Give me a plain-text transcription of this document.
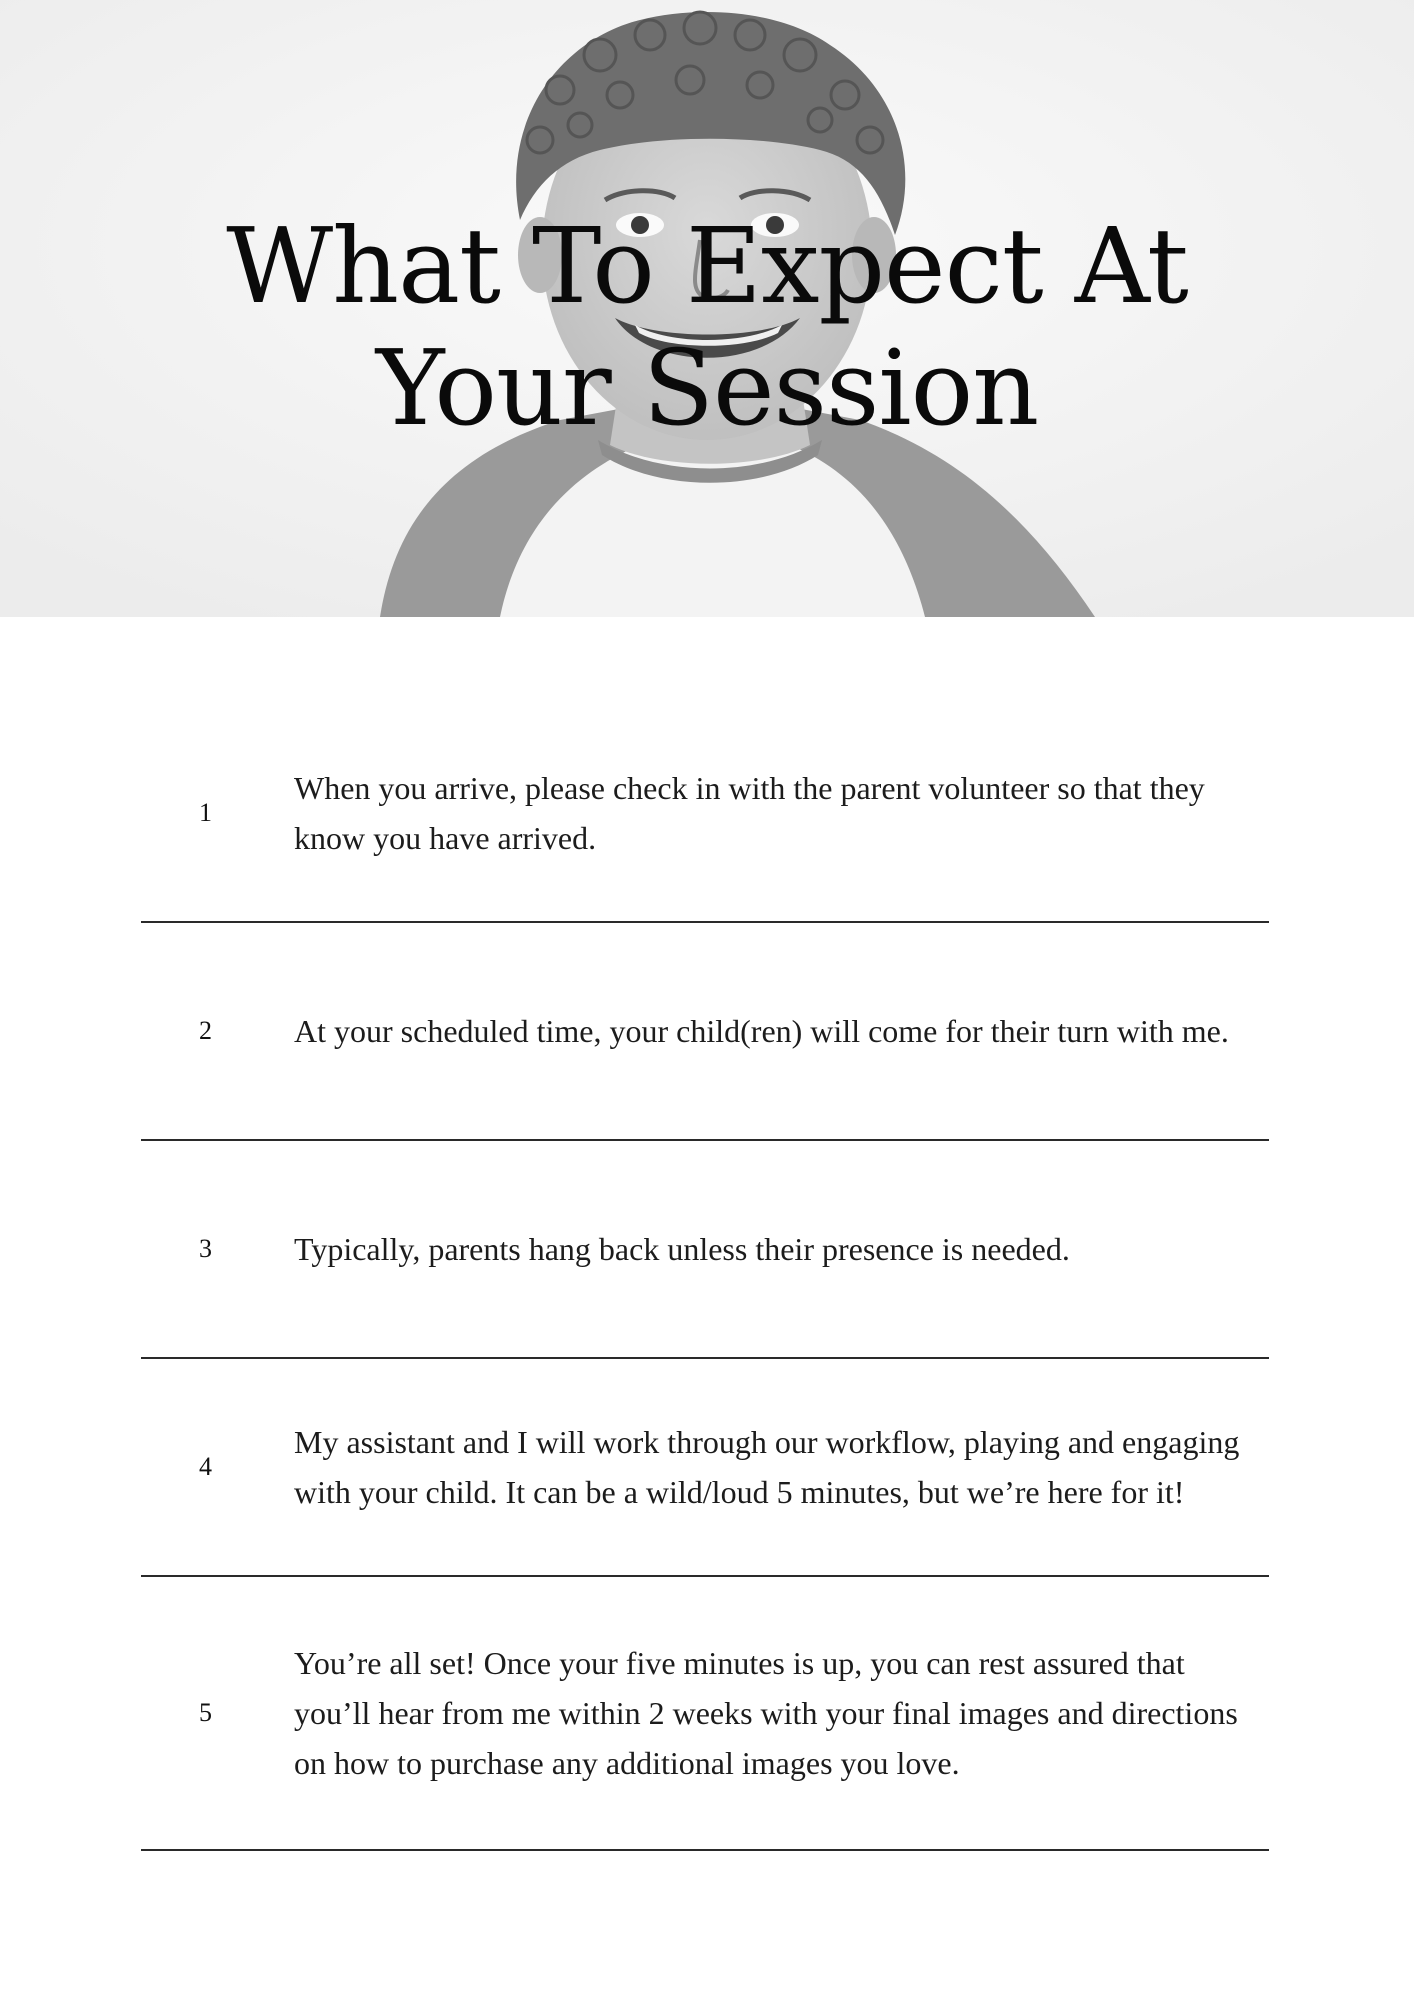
What To Expect At
Your Session
1
When you arrive, please check in with the parent volunteer so that they know you have arrived.
2	At your scheduled time, your child(ren) will come for their turn with me.
3	Typically, parents hang back unless their presence is needed.
4
My assistant and I will work through our workflow, playing and engaging with your child. It can be a wild/loud 5 minutes, but we’re here for it!
5
You’re all set! Once your five minutes is up, you can rest assured that you’ll hear from me within 2 weeks with your final images and directions on how to purchase any additional images you love.
